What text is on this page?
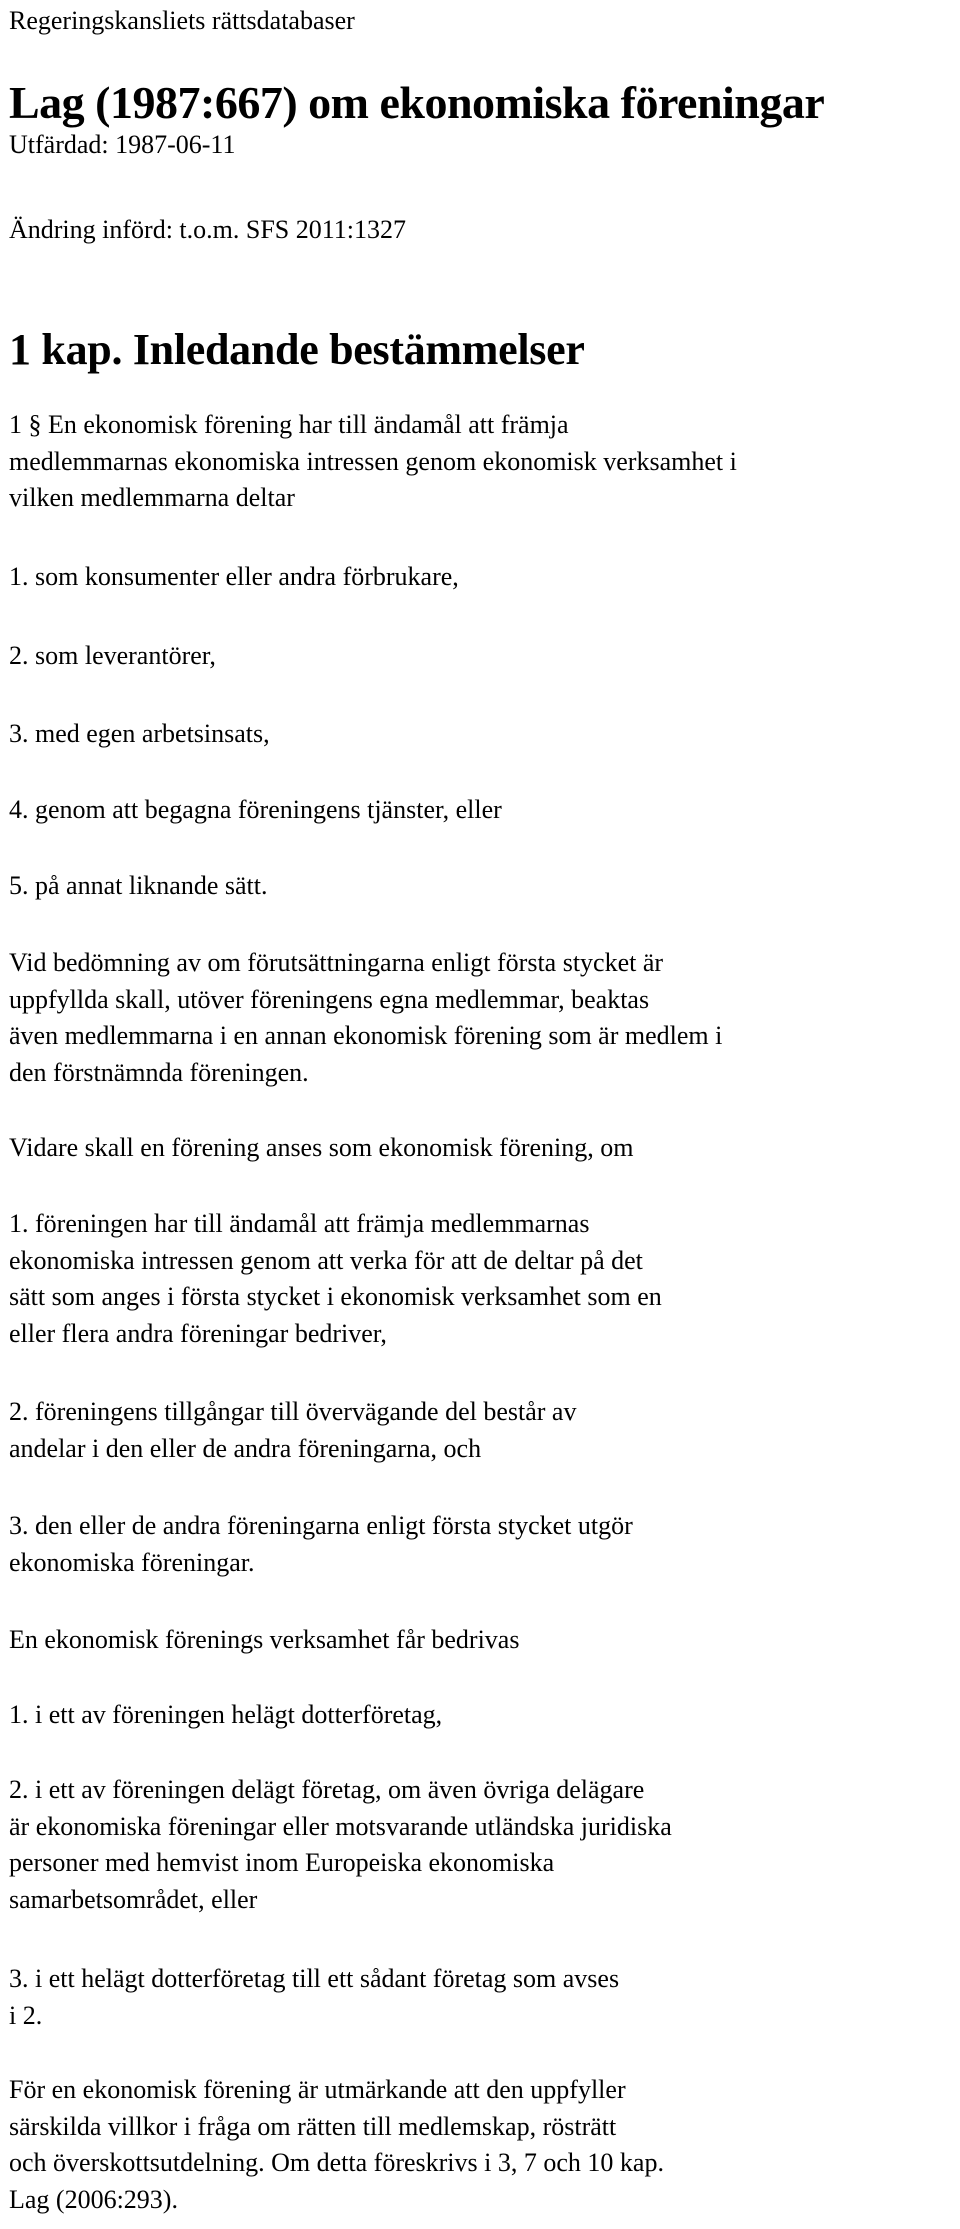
Regeringskansliets rättsdatabaser

Lag (1987:667) om ekonomiska föreningar

Utfärdad: 1987-06-11

Ändring införd: t.o.m. SFS 2011:1327

1 kap. Inledande bestämmelser

1 § En ekonomisk förening har till ändamål att främja
medlemmarnas ekonomiska intressen genom ekonomisk verksamhet i
vilken medlemmarna deltar

1. som konsumenter eller andra förbrukare,

2. som leverantörer,

3. med egen arbetsinsats,

4. genom att begagna föreningens tjänster, eller

5. på annat liknande sätt.

Vid bedömning av om förutsättningarna enligt första stycket är
uppfyllda skall, utöver föreningens egna medlemmar, beaktas
även medlemmarna i en annan ekonomisk förening som är medlem i
den förstnämnda föreningen.

Vidare skall en förening anses som ekonomisk förening, om

1. föreningen har till ändamål att främja medlemmarnas
ekonomiska intressen genom att verka för att de deltar på det
sätt som anges i första stycket i ekonomisk verksamhet som en
eller flera andra föreningar bedriver,

2. föreningens tillgångar till övervägande del består av
andelar i den eller de andra föreningarna, och

3. den eller de andra föreningarna enligt första stycket utgör
ekonomiska föreningar.

En ekonomisk förenings verksamhet får bedrivas

1. i ett av föreningen helägt dotterföretag,

2. i ett av föreningen delägt företag, om även övriga delägare
är ekonomiska föreningar eller motsvarande utländska juridiska
personer med hemvist inom Europeiska ekonomiska
samarbetsområdet, eller

3. i ett helägt dotterföretag till ett sådant företag som avses
i 2.

För en ekonomisk förening är utmärkande att den uppfyller
särskilda villkor i fråga om rätten till medlemskap, rösträtt
och överskottsutdelning. Om detta föreskrivs i 3, 7 och 10 kap.
Lag (2006:293).
